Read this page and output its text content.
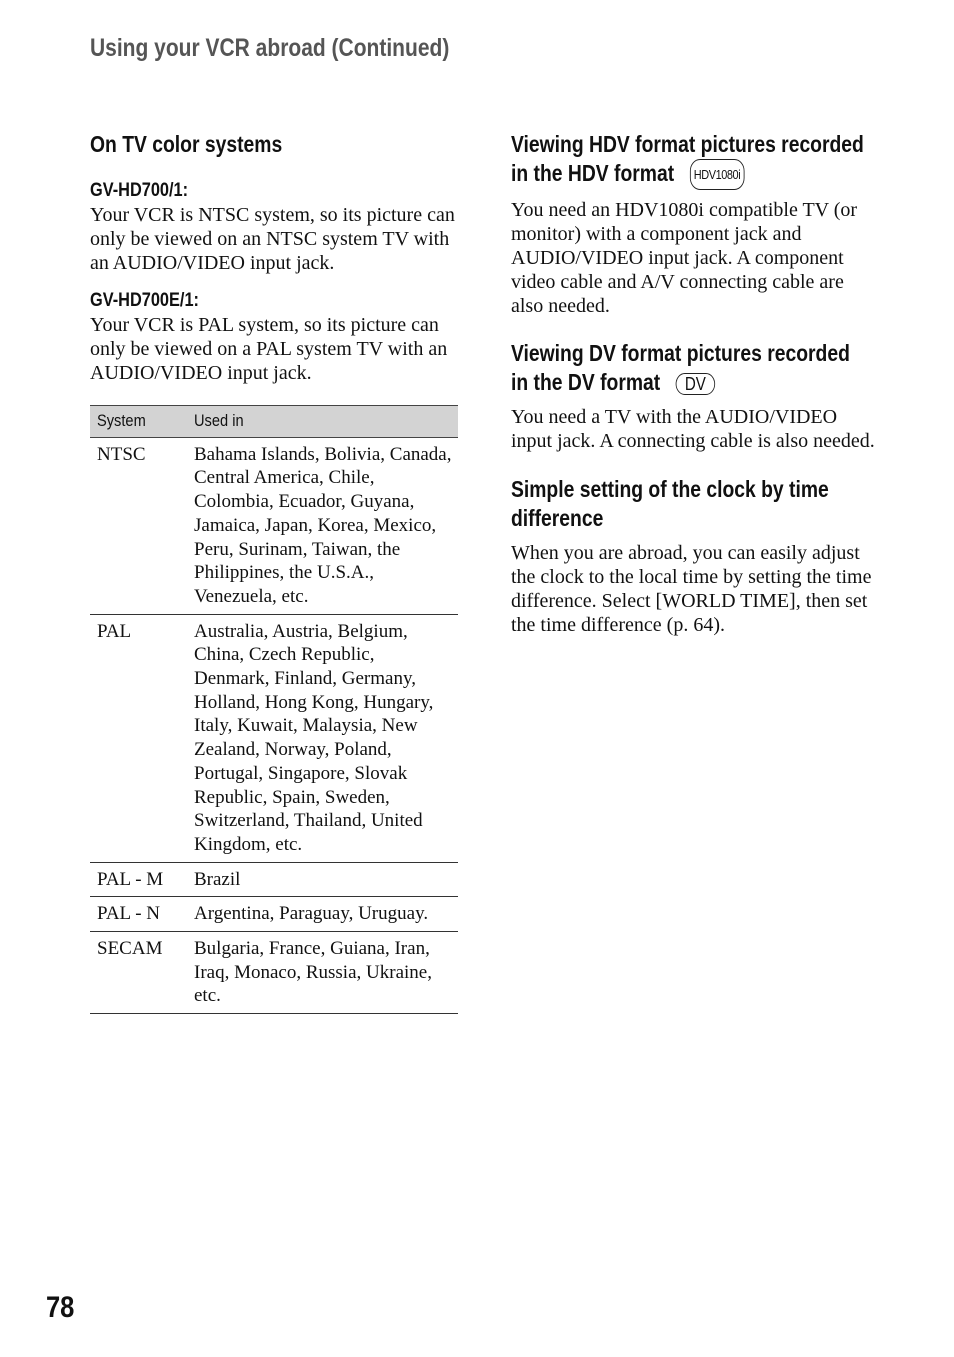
Using your VCR abroad (Continued)
On TV color systems
GV-HD700/1:

Your VCR is NTSC system, so its picture can only be viewed on an NTSC system TV with an AUDIO/VIDEO input jack.

GV-HD700E/1:

Your VCR is PAL system, so its picture can only be viewed on a PAL system TV with an AUDIO/VIDEO input jack.

System	Used in
NTSC	Bahama Islands, Bolivia, Canada, Central America, Chile, Colombia, Ecuador, Guyana, Jamaica, Japan, Korea, Mexico, Peru, Surinam, Taiwan, the Philippines, the U.S.A., Venezuela, etc.
PAL	Australia, Austria, Belgium, China, Czech Republic, Denmark, Finland, Germany, Holland, Hong Kong, Hungary, Italy, Kuwait, Malaysia, New Zealand, Norway, Poland, Portugal, Singapore, Slovak Republic, Spain, Sweden, Switzerland, Thailand, United Kingdom, etc.
PAL - M	Brazil
PAL - N	Argentina, Paraguay, Uruguay.
SECAM	Bulgaria, France, Guiana, Iran, Iraq, Monaco, Russia, Ukraine, etc.
Viewing HDV format pictures recorded
in the HDV format HDV1080i

You need an HDV1080i compatible TV (or monitor) with a component jack and AUDIO/VIDEO input jack. A component video cable and A/V connecting cable are also needed.

Viewing DV format pictures recorded
in the DV format DV

You need a TV with the AUDIO/VIDEO input jack. A connecting cable is also needed.

Simple setting of the clock by time
difference

When you are abroad, you can easily adjust the clock to the local time by setting the time difference. Select [WORLD TIME], then set the time difference (p. 64).

78
